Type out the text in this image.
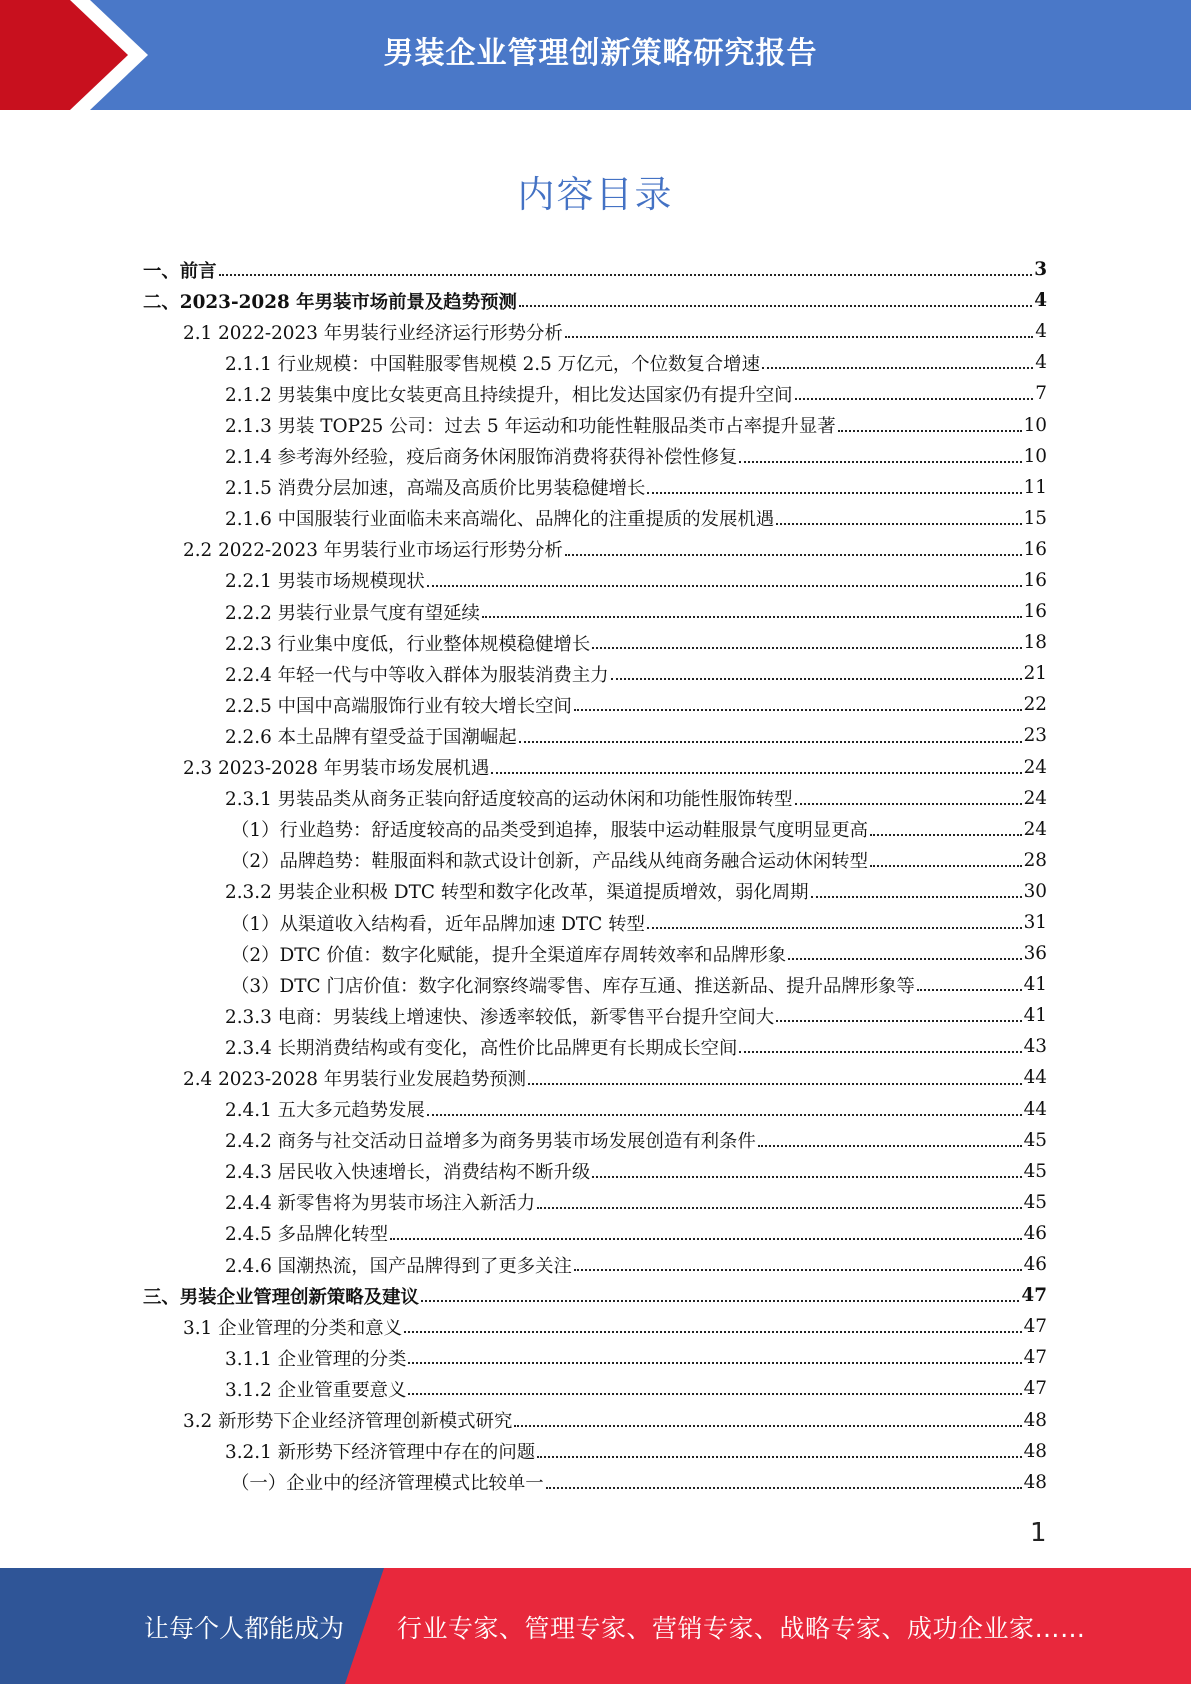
男装企业管理创新策略研究报告
内容目录
一、前言	3
二、2023-2028 年男装市场前景及趋势预测	4
2.1 2022-2023 年男装行业经济运行形势分析	4
2.1.1 行业规模：中国鞋服零售规模 2.5 万亿元，个位数复合增速	4
2.1.2 男装集中度比女装更高且持续提升，相比发达国家仍有提升空间	7
2.1.3 男装 TOP25 公司：过去 5 年运动和功能性鞋服品类市占率提升显著	10
2.1.4 参考海外经验，疫后商务休闲服饰消费将获得补偿性修复	10
2.1.5 消费分层加速，高端及高质价比男装稳健增长	11
2.1.6 中国服装行业面临未来高端化、品牌化的注重提质的发展机遇	15
2.2 2022-2023 年男装行业市场运行形势分析	16
2.2.1 男装市场规模现状	16
2.2.2 男装行业景气度有望延续	16
2.2.3 行业集中度低，行业整体规模稳健增长	18
2.2.4 年轻一代与中等收入群体为服装消费主力	21
2.2.5 中国中高端服饰行业有较大增长空间	22
2.2.6 本土品牌有望受益于国潮崛起	23
2.3 2023-2028 年男装市场发展机遇	24
2.3.1 男装品类从商务正装向舒适度较高的运动休闲和功能性服饰转型	24
（1）行业趋势：舒适度较高的品类受到追捧，服装中运动鞋服景气度明显更高	24
（2）品牌趋势：鞋服面料和款式设计创新，产品线从纯商务融合运动休闲转型	28
2.3.2 男装企业积极 DTC 转型和数字化改革，渠道提质增效，弱化周期	30
（1）从渠道收入结构看，近年品牌加速 DTC 转型	31
（2）DTC 价值：数字化赋能，提升全渠道库存周转效率和品牌形象	36
（3）DTC 门店价值：数字化洞察终端零售、库存互通、推送新品、提升品牌形象等	41
2.3.3 电商：男装线上增速快、渗透率较低，新零售平台提升空间大	41
2.3.4 长期消费结构或有变化，高性价比品牌更有长期成长空间	43
2.4 2023-2028 年男装行业发展趋势预测	44
2.4.1 五大多元趋势发展	44
2.4.2 商务与社交活动日益增多为商务男装市场发展创造有利条件	45
2.4.3 居民收入快速增长，消费结构不断升级	45
2.4.4 新零售将为男装市场注入新活力	45
2.4.5 多品牌化转型	46
2.4.6 国潮热流，国产品牌得到了更多关注	46
三、男装企业管理创新策略及建议	47
3.1 企业管理的分类和意义	47
3.1.1 企业管理的分类	47
3.1.2 企业管重要意义	47
3.2 新形势下企业经济管理创新模式研究	48
3.2.1 新形势下经济管理中存在的问题	48
（一）企业中的经济管理模式比较单一	48
1
让每个人都能成为 行业专家、管理专家、营销专家、战略专家、成功企业家……
